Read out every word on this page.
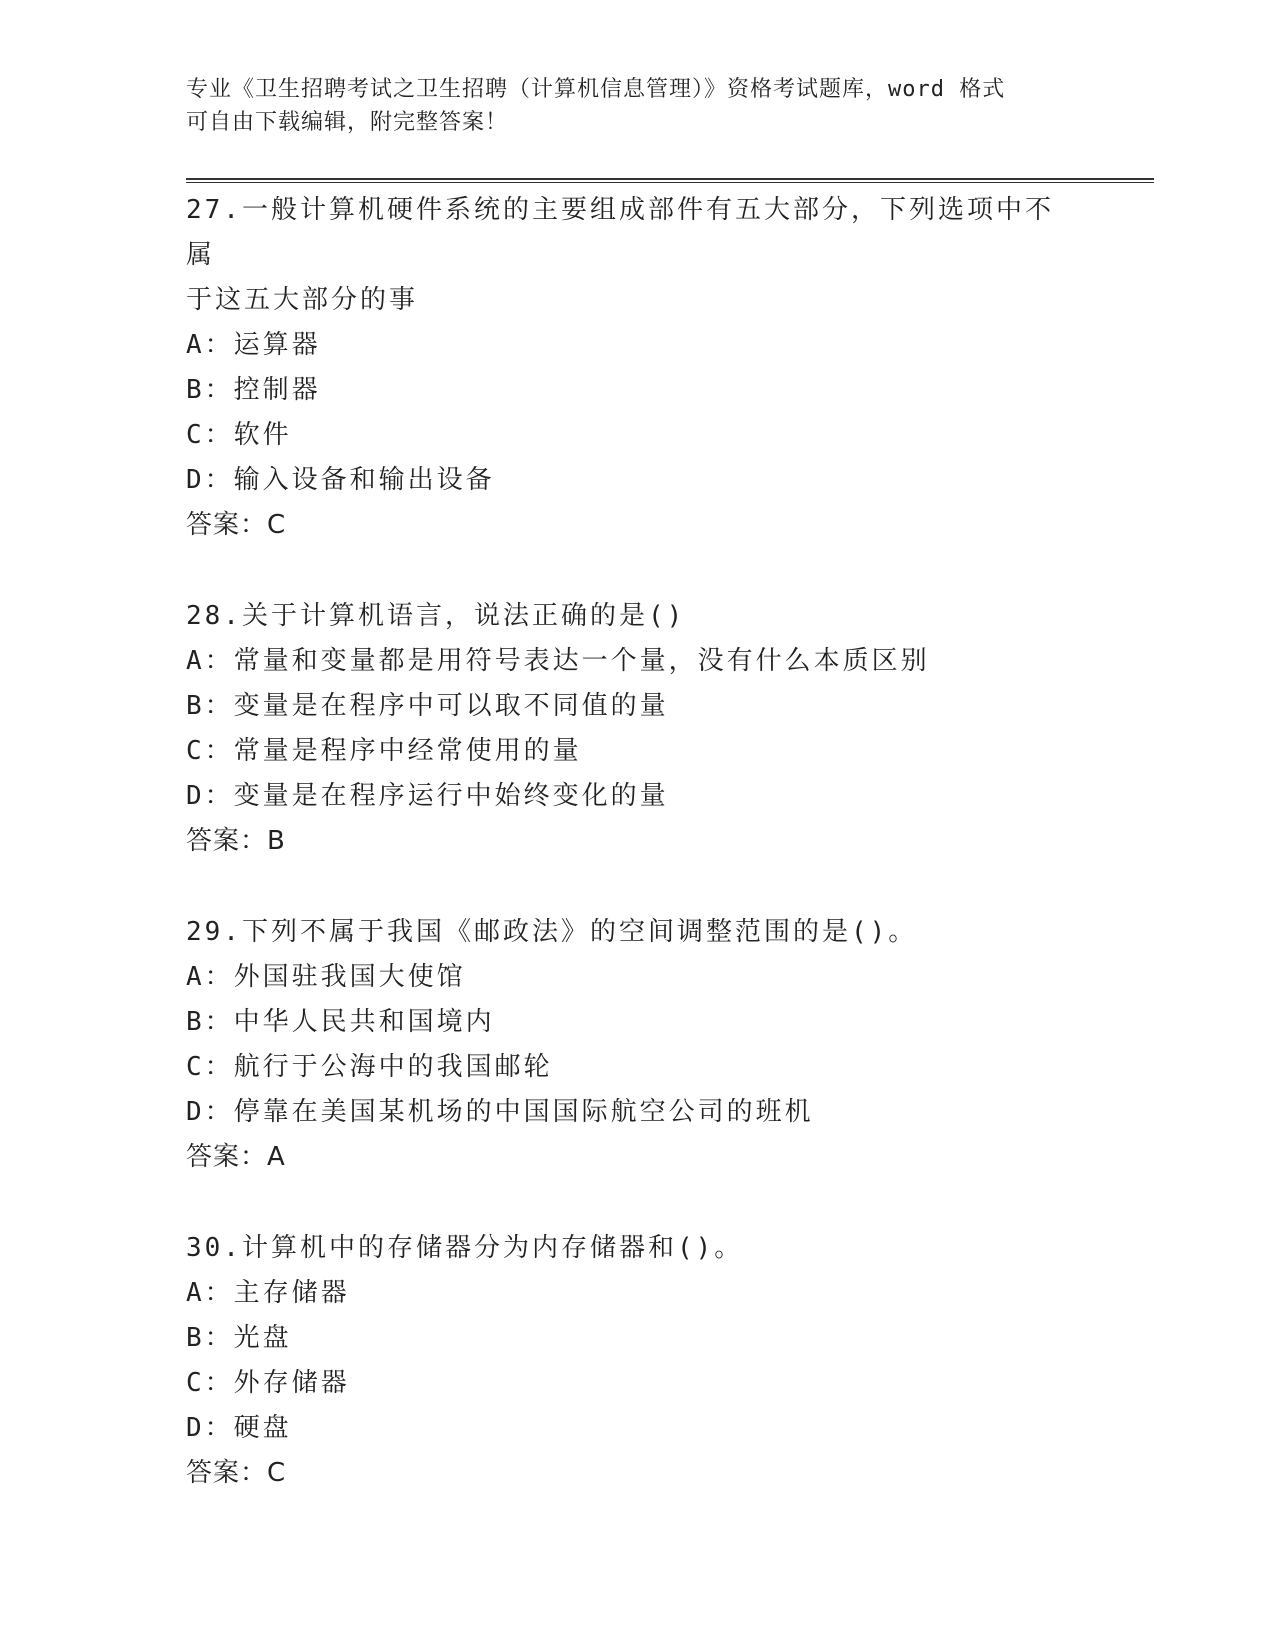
专业《卫生招聘考试之卫生招聘（计算机信息管理）》资格考试题库，word 格式
可自由下载编辑，附完整答案！

27.一般计算机硬件系统的主要组成部件有五大部分，下列选项中不属

于这五大部分的事

A：运算器

B：控制器

C：软件

D：输入设备和输出设备

答案：C

28.关于计算机语言，说法正确的是()

A：常量和变量都是用符号表达一个量，没有什么本质区别

B：变量是在程序中可以取不同值的量

C：常量是程序中经常使用的量

D：变量是在程序运行中始终变化的量

答案：B

29.下列不属于我国《邮政法》的空间调整范围的是()。

A：外国驻我国大使馆

B：中华人民共和国境内

C：航行于公海中的我国邮轮

D：停靠在美国某机场的中国国际航空公司的班机

答案：A

30.计算机中的存储器分为内存储器和()。

A：主存储器

B：光盘

C：外存储器

D：硬盘

答案：C
